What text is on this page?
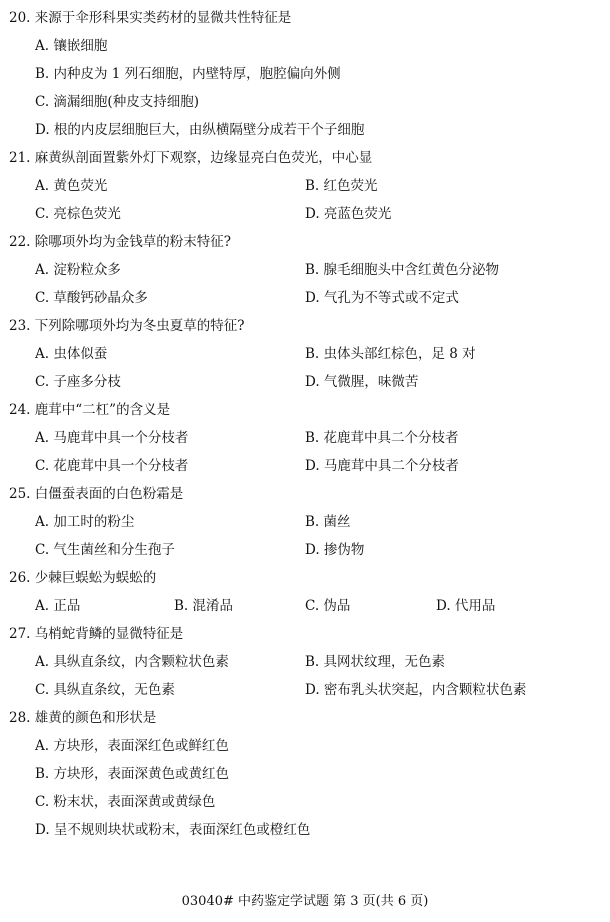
20. 来源于伞形科果实类药材的显微共性特征是
A. 镶嵌细胞
B. 内种皮为 1 列石细胞，内壁特厚，胞腔偏向外侧
C. 滴漏细胞(种皮支持细胞)
D. 根的内皮层细胞巨大，由纵横隔壁分成若干个子细胞
21. 麻黄纵剖面置紫外灯下观察，边缘显亮白色荧光，中心显
A. 黄色荧光	B. 红色荧光
C. 亮棕色荧光	D. 亮蓝色荧光
22. 除哪项外均为金钱草的粉末特征?
A. 淀粉粒众多	B. 腺毛细胞头中含红黄色分泌物
C. 草酸钙砂晶众多	D. 气孔为不等式或不定式
23. 下列除哪项外均为冬虫夏草的特征?
A. 虫体似蚕	B. 虫体头部红棕色，足 8 对
C. 子座多分枝	D. 气微腥，味微苦
24. 鹿茸中“二杠”的含义是
A. 马鹿茸中具一个分枝者	B. 花鹿茸中具二个分枝者
C. 花鹿茸中具一个分枝者	D. 马鹿茸中具二个分枝者
25. 白僵蚕表面的白色粉霜是
A. 加工时的粉尘	B. 菌丝
C. 气生菌丝和分生孢子	D. 掺伪物
26. 少棘巨蜈蚣为蜈蚣的
A. 正品	B. 混淆品	C. 伪品	D. 代用品
27. 乌梢蛇背鳞的显微特征是
A. 具纵直条纹，内含颗粒状色素	B. 具网状纹理，无色素
C. 具纵直条纹，无色素	D. 密布乳头状突起，内含颗粒状色素
28. 雄黄的颜色和形状是
A. 方块形，表面深红色或鲜红色
B. 方块形，表面深黄色或黄红色
C. 粉末状，表面深黄或黄绿色
D. 呈不规则块状或粉末，表面深红色或橙红色
03040# 中药鉴定学试题 第 3 页(共 6 页)
